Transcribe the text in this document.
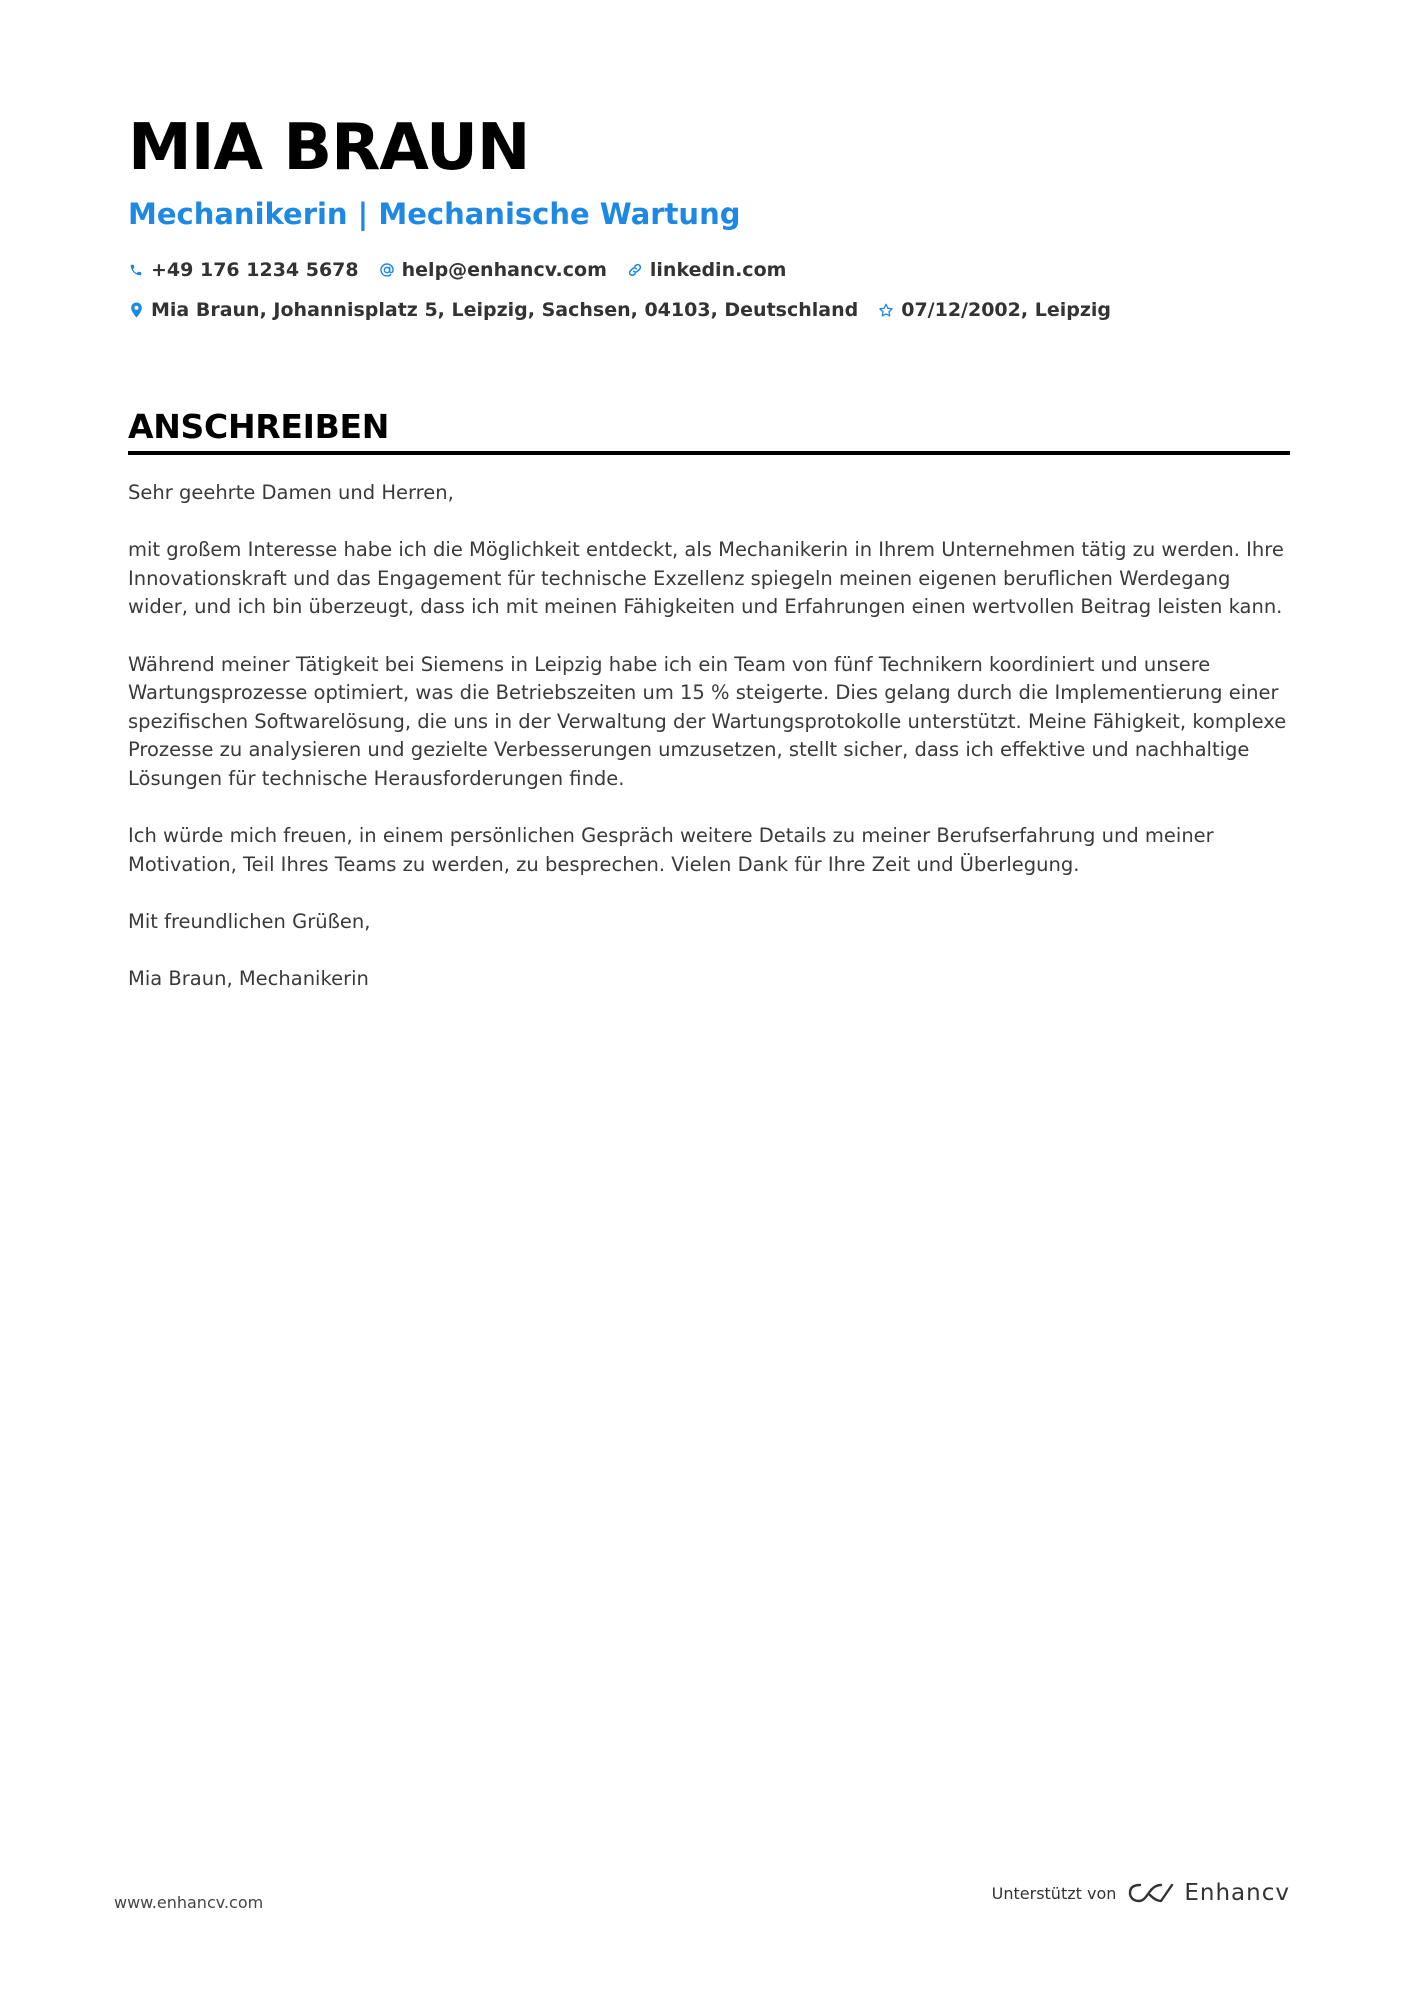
MIA BRAUN
Mechanikerin | Mechanische Wartung
+49 176 1234 5678 help@enhancv.com linkedin.com
Mia Braun, Johannisplatz 5, Leipzig, Sachsen, 04103, Deutschland 07/12/2002, Leipzig
ANSCHREIBEN

Sehr geehrte Damen und Herren,

mit großem Interesse habe ich die Möglichkeit entdeckt, als Mechanikerin in Ihrem Unternehmen tätig zu werden. Ihre Innovationskraft und das Engagement für technische Exzellenz spiegeln meinen eigenen beruflichen Werdegang wider, und ich bin überzeugt, dass ich mit meinen Fähigkeiten und Erfahrungen einen wertvollen Beitrag leisten kann.

Während meiner Tätigkeit bei Siemens in Leipzig habe ich ein Team von fünf Technikern koordiniert und unsere Wartungsprozesse optimiert, was die Betriebszeiten um 15 % steigerte. Dies gelang durch die Implementierung einer spezifischen Softwarelösung, die uns in der Verwaltung der Wartungsprotokolle unterstützt. Meine Fähigkeit, komplexe Prozesse zu analysieren und gezielte Verbesserungen umzusetzen, stellt sicher, dass ich effektive und nachhaltige Lösungen für technische Herausforderungen finde.

Ich würde mich freuen, in einem persönlichen Gespräch weitere Details zu meiner Berufserfahrung und meiner Motivation, Teil Ihres Teams zu werden, zu besprechen. Vielen Dank für Ihre Zeit und Überlegung.

Mit freundlichen Grüßen,

Mia Braun, Mechanikerin

www.enhancv.com	Unterstützt von	Enhancv
